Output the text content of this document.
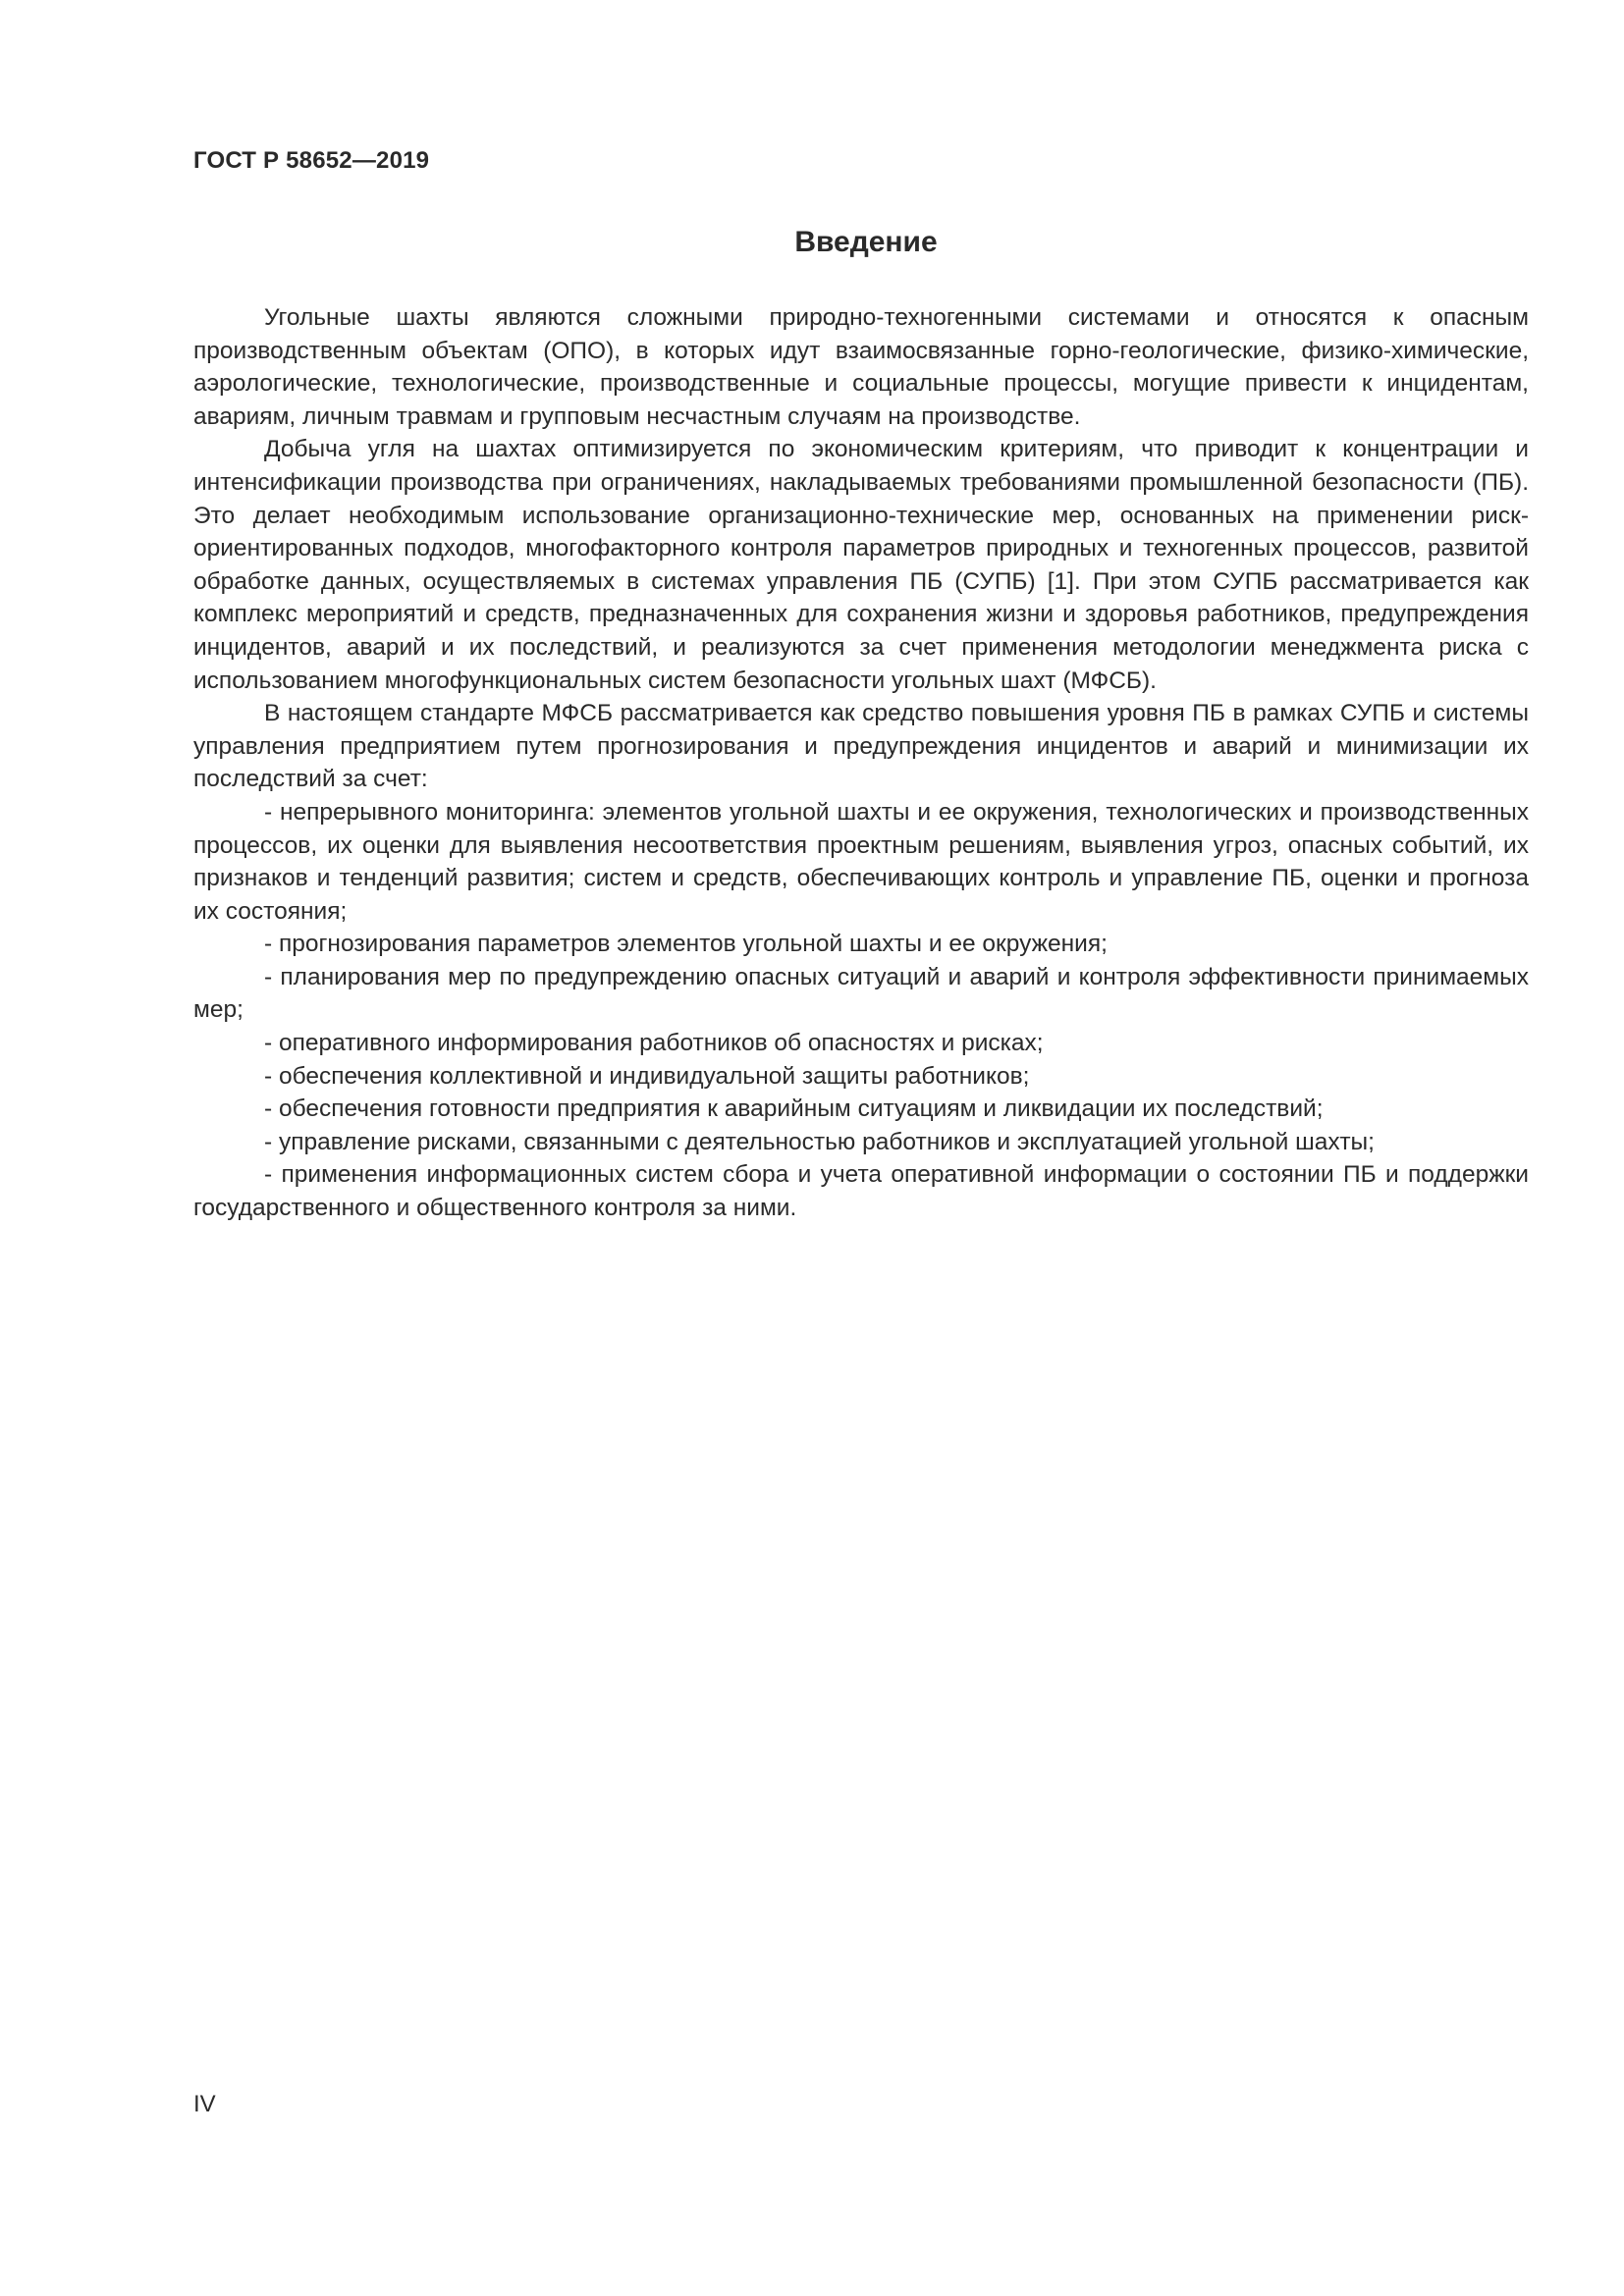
ГОСТ Р 58652—2019
Введение

Угольные шахты являются сложными природно-техногенными системами и относятся к опасным производственным объектам (ОПО), в которых идут взаимосвязанные горно-геологические, физико-химические, аэрологические, технологические, производственные и социальные процессы, могущие привести к инцидентам, авариям, личным травмам и групповым несчастным случаям на производстве.

Добыча угля на шахтах оптимизируется по экономическим критериям, что приводит к концентрации и интенсификации производства при ограничениях, накладываемых требованиями промышленной безопасности (ПБ). Это делает необходимым использование организационно-технические мер, основанных на применении риск-ориентированных подходов, многофакторного контроля параметров природных и техногенных процессов, развитой обработке данных, осуществляемых в системах управления ПБ (СУПБ) [1]. При этом СУПБ рассматривается как комплекс мероприятий и средств, предназначенных для сохранения жизни и здоровья работников, предупреждения инцидентов, аварий и их последствий, и реализуются за счет применения методологии менеджмента риска с использованием многофункциональных систем безопасности угольных шахт (МФСБ).

В настоящем стандарте МФСБ рассматривается как средство повышения уровня ПБ в рамках СУПБ и системы управления предприятием путем прогнозирования и предупреждения инцидентов и аварий и минимизации их последствий за счет:

- непрерывного мониторинга: элементов угольной шахты и ее окружения, технологических и производственных процессов, их оценки для выявления несоответствия проектным решениям, выявления угроз, опасных событий, их признаков и тенденций развития; систем и средств, обеспечивающих контроль и управление ПБ, оценки и прогноза их состояния;

- прогнозирования параметров элементов угольной шахты и ее окружения;

- планирования мер по предупреждению опасных ситуаций и аварий и контроля эффективности принимаемых мер;

- оперативного информирования работников об опасностях и рисках;

- обеспечения коллективной и индивидуальной защиты работников;

- обеспечения готовности предприятия к аварийным ситуациям и ликвидации их последствий;

- управление рисками, связанными с деятельностью работников и эксплуатацией угольной шахты;

- применения информационных систем сбора и учета оперативной информации о состоянии ПБ и поддержки государственного и общественного контроля за ними.

IV
